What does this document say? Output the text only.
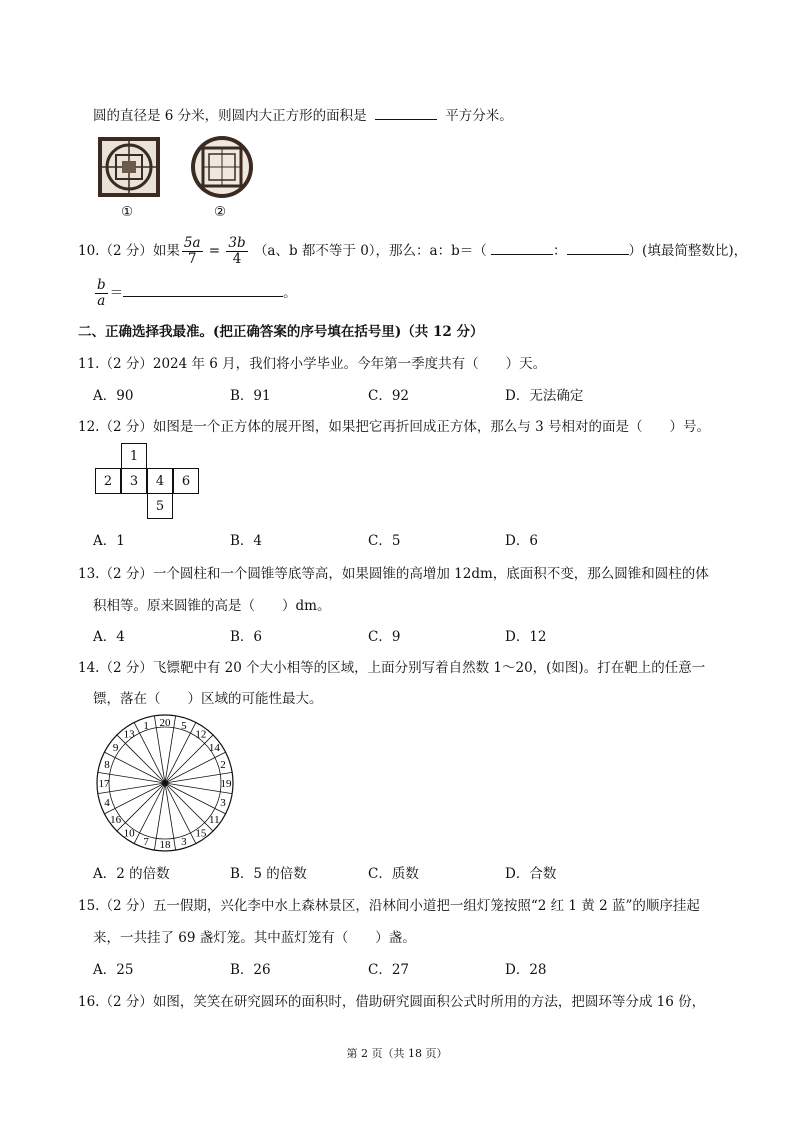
圆的直径是 6 分米，则圆内大正方形的面积是	平方分米。
①	②
10.（2 分）如果 $\frac{5a}{7} = \frac{3b}{4} (a$、b 都不等于 0），那么：a：b＝（	：	）(填最简整数比)，
$\frac{b}{a}$ ＝	。
二、正确选择我最准。(把正确答案的序号填在括号里)（共 12 分）
11.（2 分）2024 年 6 月，我们将小学毕业。今年第一季度共有（　　）天。
A．90	B．91	C．92	D．无法确定
12.（2 分）如图是一个正方体的展开图，如果把它再折回成正方体，那么与 3 号相对的面是（　　）号。
1
2	3	4	6
5
A．1	B．4	C．5	D．6
13.（2 分）一个圆柱和一个圆锥等底等高，如果圆锥的高增加 12dm，底面积不变，那么圆锥和圆柱的体
积相等。原来圆锥的高是（　　）dm。
A．4	B．6	C．9	D．12
14.（2 分）飞镖靶中有 20 个大小相等的区域，上面分别写着自然数 1～20，(如图)。打在靶上的任意一
镖，落在（　　）区域的可能性最大。
20 5
12
14
2
19
3
11
15
3
18
7
10
16
4
17
8
9
13
1
A．2 的倍数	B．5 的倍数	C．质数	D．合数
15.（2 分）五一假期，兴化李中水上森林景区，沿林间小道把一组灯笼按照“2 红 1 黄 2 蓝”的顺序挂起
来，一共挂了 69 盏灯笼。其中蓝灯笼有（　　）盏。
A．25	B．26	C．27	D．28
16.（2 分）如图，笑笑在研究圆环的面积时，借助研究圆面积公式时所用的方法，把圆环等分成 16 份，
第 2 页（共 18 页）
